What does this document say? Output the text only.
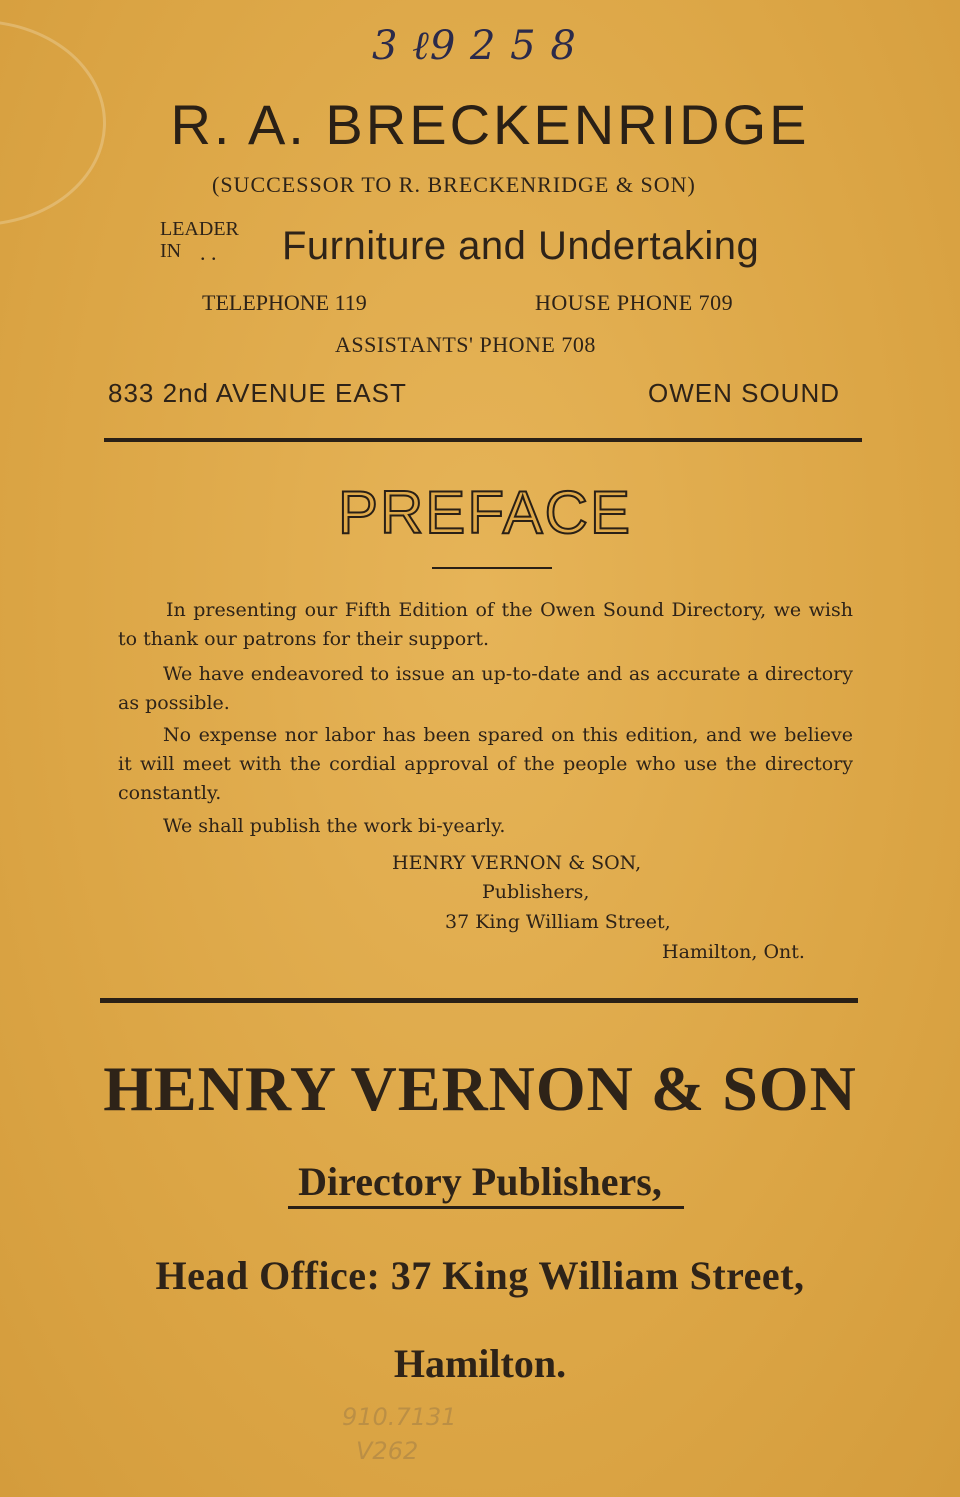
3 ℓ9 2 5 8
R. A. BRECKENRIDGE
(SUCCESSOR TO R. BRECKENRIDGE & SON)
LEADER
IN . . Furniture and Undertaking
TELEPHONE 119	HOUSE PHONE 709
ASSISTANTS' PHONE 708
833 2nd AVENUE EAST	OWEN SOUND
PREFACE
In presenting our Fifth Edition of the Owen Sound Directory, we wish to thank our patrons for their support.
We have endeavored to issue an up-to-date and as accurate a directory as possible.
No expense nor labor has been spared on this edition, and we believe it will meet with the cordial approval of the people who use the directory constantly.
We shall publish the work bi-yearly.
HENRY VERNON & SON,
Publishers,
37 King William Street,
Hamilton, Ont.
HENRY VERNON & SON
Directory Publishers,
Head Office: 37 King William Street,
Hamilton.
910.7131
V262
